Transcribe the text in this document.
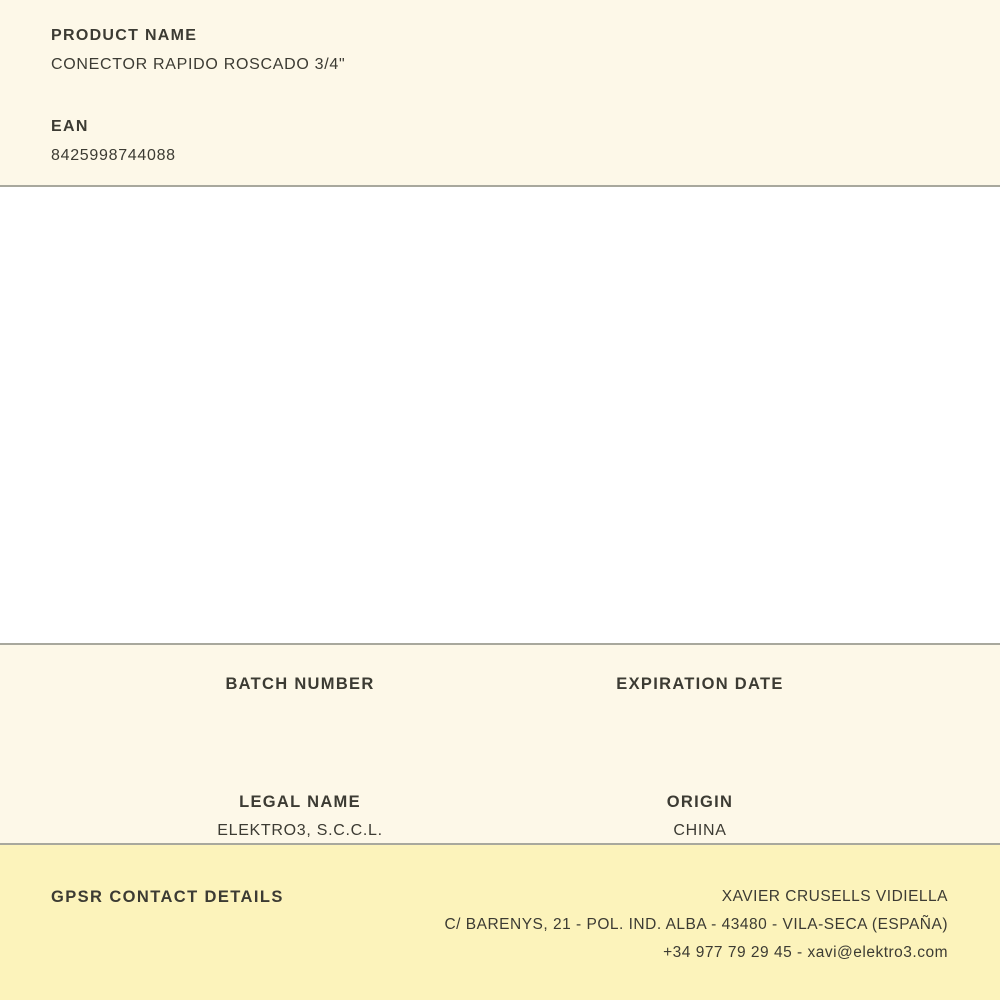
PRODUCT NAME
CONECTOR RAPIDO ROSCADO 3/4"
EAN
8425998744088
BATCH NUMBER	EXPIRATION DATE
LEGAL NAME
ELEKTRO3, S.C.C.L.
ORIGIN
CHINA
GPSR CONTACT DETAILS	XAVIER CRUSELLS VIDIELLA
C/ BARENYS, 21 - POL. IND. ALBA - 43480 - VILA-SECA (ESPAÑA)
+34 977 79 29 45 - xavi@elektro3.com
